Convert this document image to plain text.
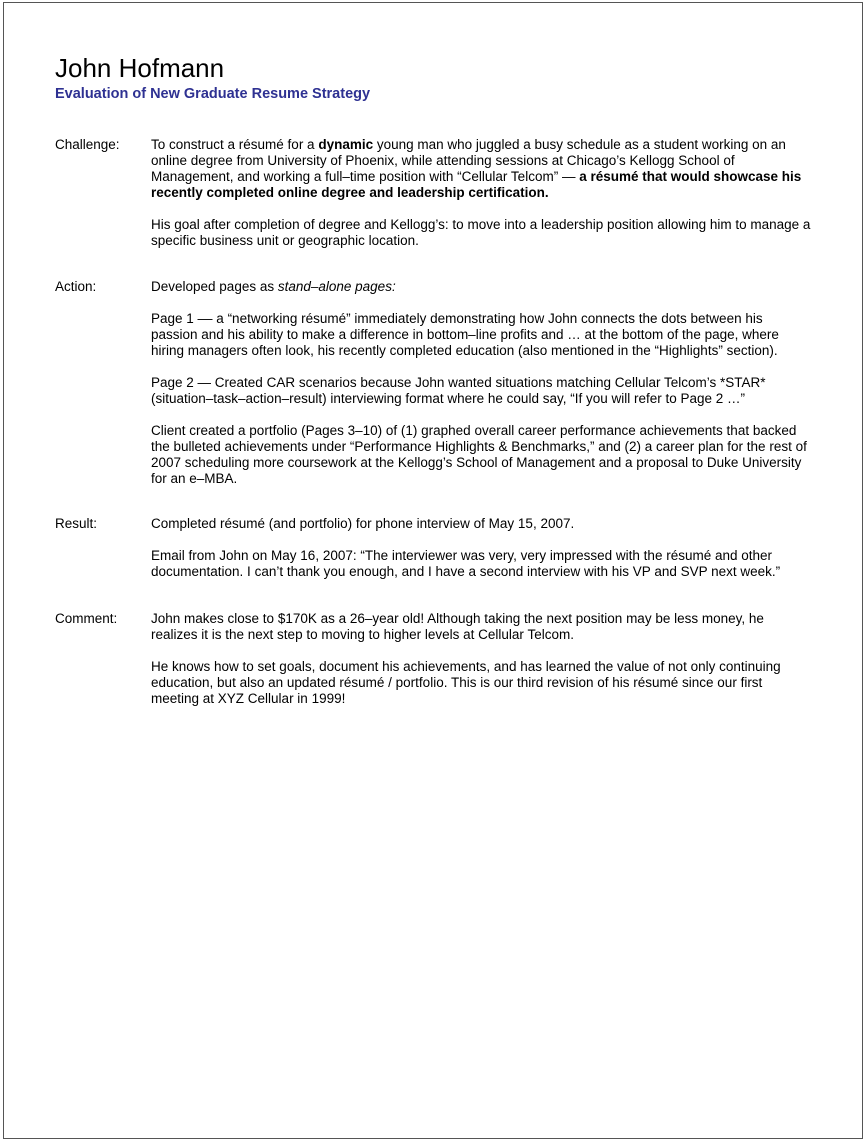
John Hofmann
Evaluation of New Graduate Resume Strategy
Challenge: To construct a résumé for a dynamic young man who juggled a busy schedule as a student working on an online degree from University of Phoenix, while attending sessions at Chicago’s Kellogg School of Management, and working a full–time position with “Cellular Telcom” — a résumé that would showcase his recently completed online degree and leadership certification.

His goal after completion of degree and Kellogg’s: to move into a leadership position allowing him to manage a specific business unit or geographic location.

Action:	Developed pages as stand–alone pages:

Page 1 –– a “networking résumé” immediately demonstrating how John connects the dots between his passion and his ability to make a difference in bottom–line profits and … at the bottom of the page, where hiring managers often look, his recently completed education (also mentioned in the “Highlights” section).

Page 2 — Created CAR scenarios because John wanted situations matching Cellular Telcom’s *STAR* (situation–task–action–result) interviewing format where he could say, “If you will refer to Page 2 …”

Client created a portfolio (Pages 3–10) of (1) graphed overall career performance achievements that backed the bulleted achievements under “Performance Highlights & Benchmarks,” and (2) a career plan for the rest of 2007 scheduling more coursework at the Kellogg’s School of Management and a proposal to Duke University for an e–MBA.

Result:	Completed résumé (and portfolio) for phone interview of May 15, 2007.

Email from John on May 16, 2007: “The interviewer was very, very impressed with the résumé and other documentation. I can’t thank you enough, and I have a second interview with his VP and SVP next week.”

Comment: John makes close to $170K as a 26–year old! Although taking the next position may be less money, he realizes it is the next step to moving to higher levels at Cellular Telcom.

He knows how to set goals, document his achievements, and has learned the value of not only continuing education, but also an updated résumé / portfolio. This is our third revision of his résumé since our first meeting at XYZ Cellular in 1999!
